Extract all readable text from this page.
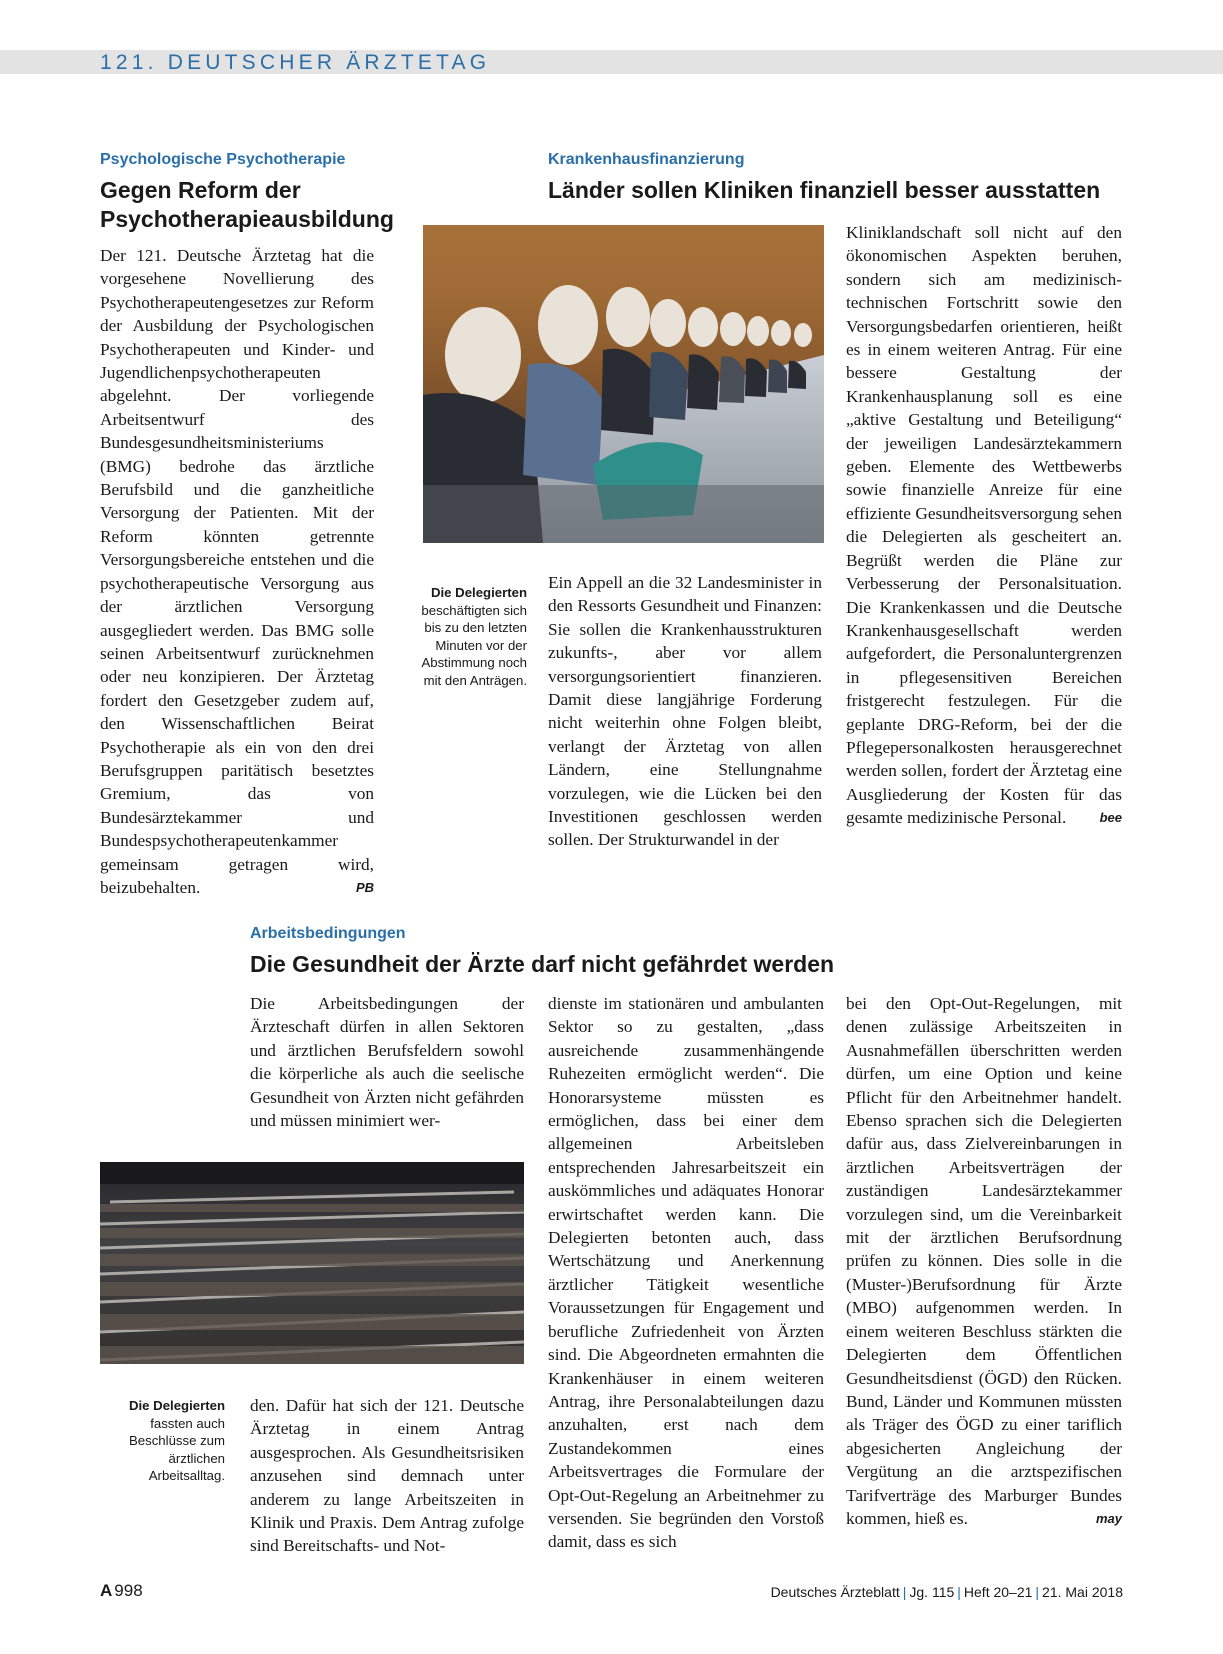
121. DEUTSCHER ÄRZTETAG
Psychologische Psychotherapie
Gegen Reform der Psychotherapieausbildung

Der 121. Deutsche Ärztetag hat die vorgesehene Novellierung des Psychotherapeutengesetzes zur Reform der Ausbildung der Psychologischen Psychotherapeuten und Kinder- und Jugendlichenpsychotherapeuten abgelehnt. Der vorliegende Arbeitsentwurf des Bundesgesundheitsministeriums (BMG) bedrohe das ärztliche Berufsbild und die ganzheitliche Versorgung der Patienten. Mit der Reform könnten getrennte Versorgungsbereiche entstehen und die psychotherapeutische Versorgung aus der ärztlichen Versorgung ausgegliedert werden. Das BMG solle seinen Arbeitsentwurf zurücknehmen oder neu konzipieren. Der Ärztetag fordert den Gesetzgeber zudem auf, den Wissenschaftlichen Beirat Psychotherapie als ein von den drei Berufsgruppen paritätisch besetztes Gremium, das von Bundesärztekammer und Bundespsychotherapeutenkammer gemeinsam getragen wird, beizubehalten.	PB

Krankenhausfinanzierung
Länder sollen Kliniken finanziell besser ausstatten
Die Delegierten beschäftigten sich bis zu den letzten Minuten vor der Abstimmung noch mit den Anträgen.

Ein Appell an die 32 Landesminister in den Ressorts Gesundheit und Finanzen: Sie sollen die Krankenhausstrukturen zukunfts-, aber vor allem versorgungsorientiert finanzieren. Damit diese langjährige Forderung nicht weiterhin ohne Folgen bleibt, verlangt der Ärztetag von allen Ländern, eine Stellungnahme vorzulegen, wie die Lücken bei den Investitionen geschlossen werden sollen. Der Strukturwandel in der

Kliniklandschaft soll nicht auf den ökonomischen Aspekten beruhen, sondern sich am medizinisch-technischen Fortschritt sowie den Versorgungsbedarfen orientieren, heißt es in einem weiteren Antrag. Für eine bessere Gestaltung der Krankenhausplanung soll es eine „aktive Gestaltung und Beteiligung“ der jeweiligen Landesärztekammern geben. Elemente des Wettbewerbs sowie finanzielle Anreize für eine effiziente Gesundheitsversorgung sehen die Delegierten als gescheitert an. Begrüßt werden die Pläne zur Verbesserung der Personalsituation. Die Krankenkassen und die Deutsche Krankenhausgesellschaft werden aufgefordert, die Personaluntergrenzen in pflegesensitiven Bereichen fristgerecht festzulegen. Für die geplante DRG-Reform, bei der die Pflegepersonalkosten herausgerechnet werden sollen, fordert der Ärztetag eine Ausgliederung der Kosten für das gesamte medizinische Personal.	bee

Arbeitsbedingungen
Die Gesundheit der Ärzte darf nicht gefährdet werden

Die Arbeitsbedingungen der Ärzteschaft dürfen in allen Sektoren und ärztlichen Berufsfeldern sowohl die körperliche als auch die seelische Gesundheit von Ärzten nicht gefährden und müssen minimiert wer-

Die Delegierten fassten auch Beschlüsse zum ärztlichen Arbeitsalltag.

den. Dafür hat sich der 121. Deutsche Ärztetag in einem Antrag ausgesprochen. Als Gesundheitsrisiken anzusehen sind demnach unter anderem zu lange Arbeitszeiten in Klinik und Praxis. Dem Antrag zufolge sind Bereitschafts- und Not-

dienste im stationären und ambulanten Sektor so zu gestalten, „dass ausreichende zusammenhängende Ruhezeiten ermöglicht werden“. Die Honorarsysteme müssten es ermöglichen, dass bei einer dem allgemeinen Arbeitsleben entsprechenden Jahresarbeitszeit ein auskömmliches und adäquates Honorar erwirtschaftet werden kann. Die Delegierten betonten auch, dass Wertschätzung und Anerkennung ärztlicher Tätigkeit wesentliche Voraussetzungen für Engagement und berufliche Zufriedenheit von Ärzten sind. Die Abgeordneten ermahnten die Krankenhäuser in einem weiteren Antrag, ihre Personalabteilungen dazu anzuhalten, erst nach dem Zustandekommen eines Arbeitsvertrages die Formulare der Opt-Out-Regelung an Arbeitnehmer zu versenden. Sie begründen den Vorstoß damit, dass es sich

bei den Opt-Out-Regelungen, mit denen zulässige Arbeitszeiten in Ausnahmefällen überschritten werden dürfen, um eine Option und keine Pflicht für den Arbeitnehmer handelt. Ebenso sprachen sich die Delegierten dafür aus, dass Zielvereinbarungen in ärztlichen Arbeitsverträgen der zuständigen Landesärztekammer vorzulegen sind, um die Vereinbarkeit mit der ärztlichen Berufsordnung prüfen zu können. Dies solle in die (Muster-)Berufsordnung für Ärzte (MBO) aufgenommen werden. In einem weiteren Beschluss stärkten die Delegierten dem Öffentlichen Gesundheitsdienst (ÖGD) den Rücken. Bund, Länder und Kommunen müssten als Träger des ÖGD zu einer tariflich abgesicherten Angleichung der Vergütung an die arztspezifischen Tarifverträge des Marburger Bundes kommen, hieß es.	may

A 998	Deutsches Ärzteblatt | Jg. 115 | Heft 20–21 | 21. Mai 2018
